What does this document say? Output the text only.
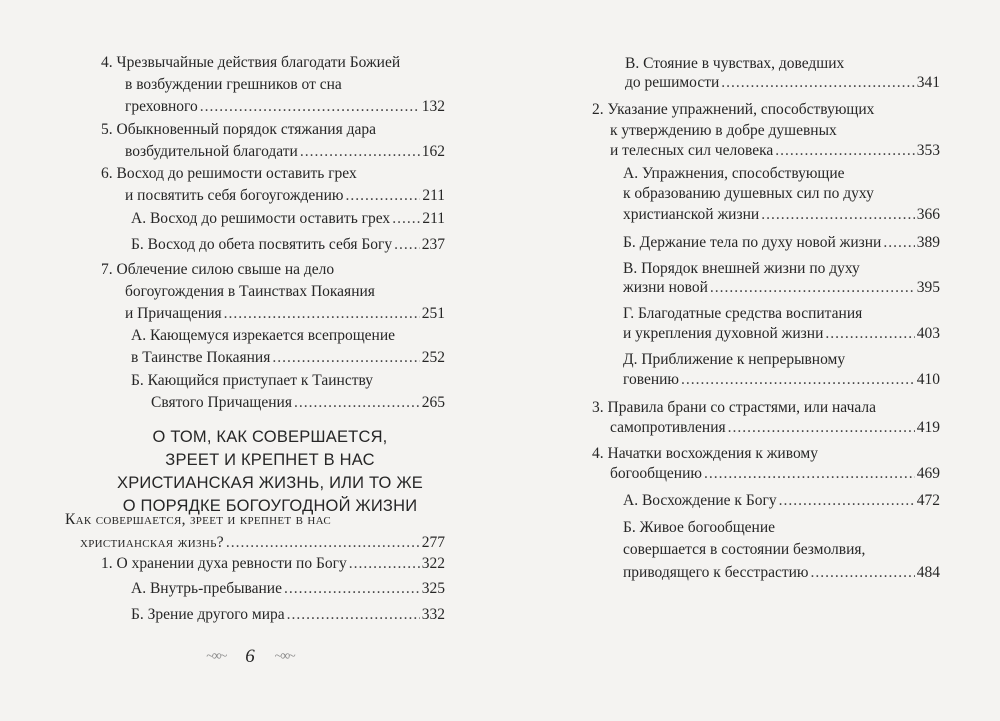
4. Чрезвычайные действия благодати Божией
в возбуждении грешников от сна
греховного .....	132
5. Обыкновенный порядок стяжания дара
возбудительной благодати .....	162
6. Восход до решимости оставить грех
и посвятить себя богоугождению .....	211
А. Восход до решимости оставить грех ..... 211
Б. Восход до обета посвятить себя Богу ..... 237
7. Облечение силою свыше на дело
богоугождения в Таинствах Покаяния
и Причащения .....	251
А. Кающемуся изрекается всепрощение
в Таинстве Покаяния .....	252
Б. Кающийся приступает к Таинству
Святого Причащения .....	265
О ТОМ, КАК СОВЕРШАЕТСЯ,
ЗРЕЕТ И КРЕПНЕТ В НАС
ХРИСТИАНСКАЯ ЖИЗНЬ, ИЛИ ТО ЖЕ
О ПОРЯДКЕ БОГОУГОДНОЙ ЖИЗНИ
Как совершается, зреет и крепнет в нас
христианская жизнь? .....	277
1. О хранении духа ревности по Богу .....	322
А. Внутрь-пребывание .....	325
Б. Зрение другого мира .....	332
~∞~ 6 ~∞~
В. Стояние в чувствах, доведших
до решимости .....	341
2. Указание упражнений, способствующих
к утверждению в добре душевных
и телесных сил человека .....	353
А. Упражнения, способствующие
к образованию душевных сил по духу
христианской жизни .....	366
Б. Держание тела по духу новой жизни ..... 389
В. Порядок внешней жизни по духу
жизни новой .....	395
Г. Благодатные средства воспитания
и укрепления духовной жизни .....	403
Д. Приближение к непрерывному
говению .....	410
3. Правила брани со страстями, или начала
самопротивления .....	419
4. Начатки восхождения к живому
богообщению .....	469
А. Восхождение к Богу .....	472
Б. Живое богообщение
совершается в состоянии безмолвия,
приводящего к бесстрастию .....	484
